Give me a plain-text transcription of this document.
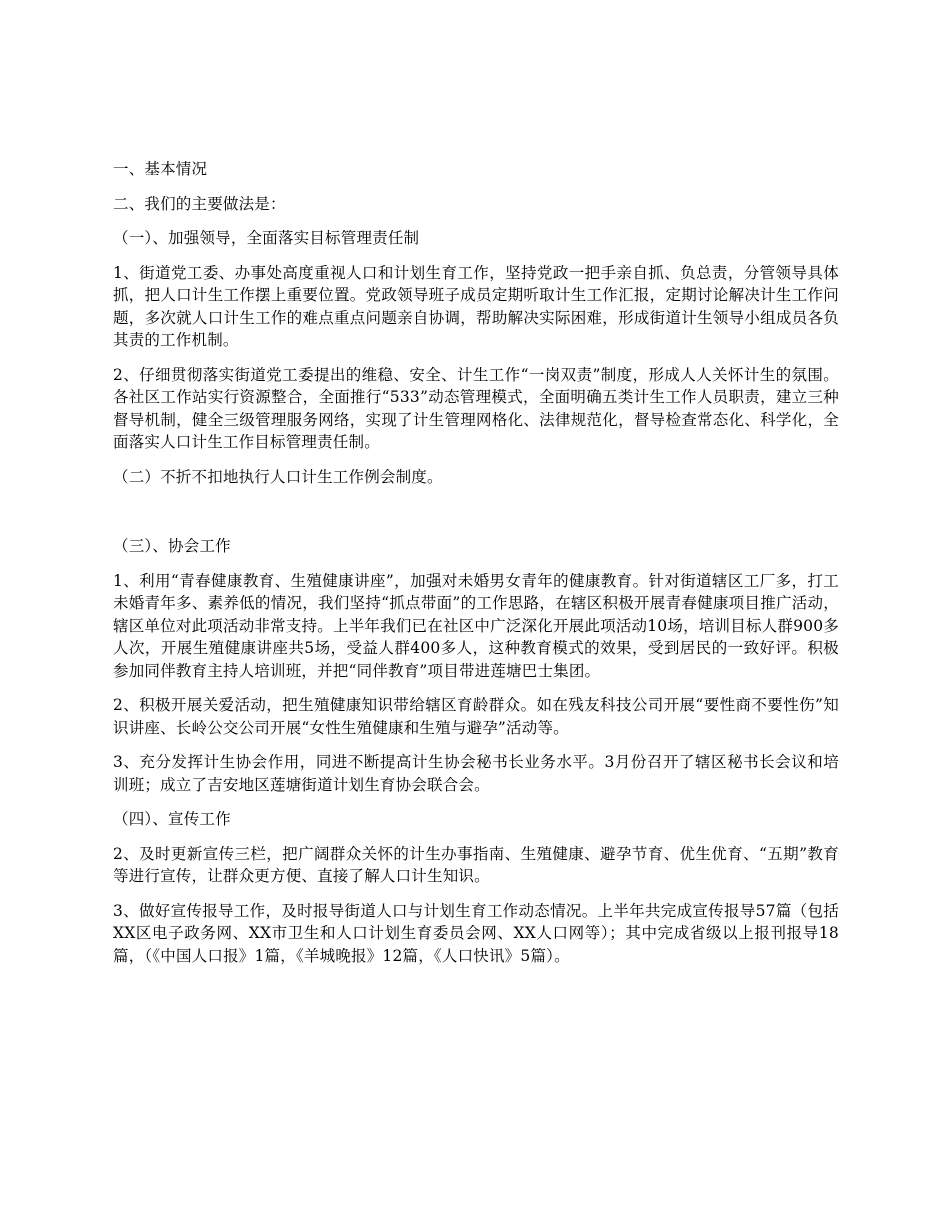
一、基本情况

二、我们的主要做法是：

（一）、加强领导，全面落实目标管理责任制

1、街道党工委、办事处高度重视人口和计划生育工作，坚持党政一把手亲自抓、负总责，分管领导具体抓，把人口计生工作摆上重要位置。党政领导班子成员定期听取计生工作汇报，定期讨论解决计生工作问题，多次就人口计生工作的难点重点问题亲自协调，帮助解决实际困难，形成街道计生领导小组成员各负其责的工作机制。

2、仔细贯彻落实街道党工委提出的维稳、安全、计生工作“一岗双责”制度，形成人人关怀计生的氛围。各社区工作站实行资源整合，全面推行“533”动态管理模式，全面明确五类计生工作人员职责，建立三种督导机制，健全三级管理服务网络，实现了计生管理网格化、法律规范化，督导检查常态化、科学化，全面落实人口计生工作目标管理责任制。

（二）不折不扣地执行人口计生工作例会制度。

（三）、协会工作

1、利用“青春健康教育、生殖健康讲座”，加强对未婚男女青年的健康教育。针对街道辖区工厂多，打工未婚青年多、素养低的情况，我们坚持“抓点带面”的工作思路，在辖区积极开展青春健康项目推广活动，辖区单位对此项活动非常支持。上半年我们已在社区中广泛深化开展此项活动10场，培训目标人群900多人次，开展生殖健康讲座共5场，受益人群400多人，这种教育模式的效果，受到居民的一致好评。积极参加同伴教育主持人培训班，并把“同伴教育”项目带进莲塘巴士集团。

2、积极开展关爱活动，把生殖健康知识带给辖区育龄群众。如在残友科技公司开展“要性商不要性伤”知识讲座、长岭公交公司开展“女性生殖健康和生殖与避孕”活动等。

3、充分发挥计生协会作用，同进不断提高计生协会秘书长业务水平。3月份召开了辖区秘书长会议和培训班；成立了吉安地区莲塘街道计划生育协会联合会。

（四）、宣传工作

2、及时更新宣传三栏，把广阔群众关怀的计生办事指南、生殖健康、避孕节育、优生优育、“五期”教育等进行宣传，让群众更方便、直接了解人口计生知识。

3、做好宣传报导工作，及时报导街道人口与计划生育工作动态情况。上半年共完成宣传报导57篇（包括XX区电子政务网、XX市卫生和人口计划生育委员会网、XX人口网等）；其中完成省级以上报刊报导18篇，（《中国人口报》1篇，《羊城晚报》12篇，《人口快讯》5篇）。
